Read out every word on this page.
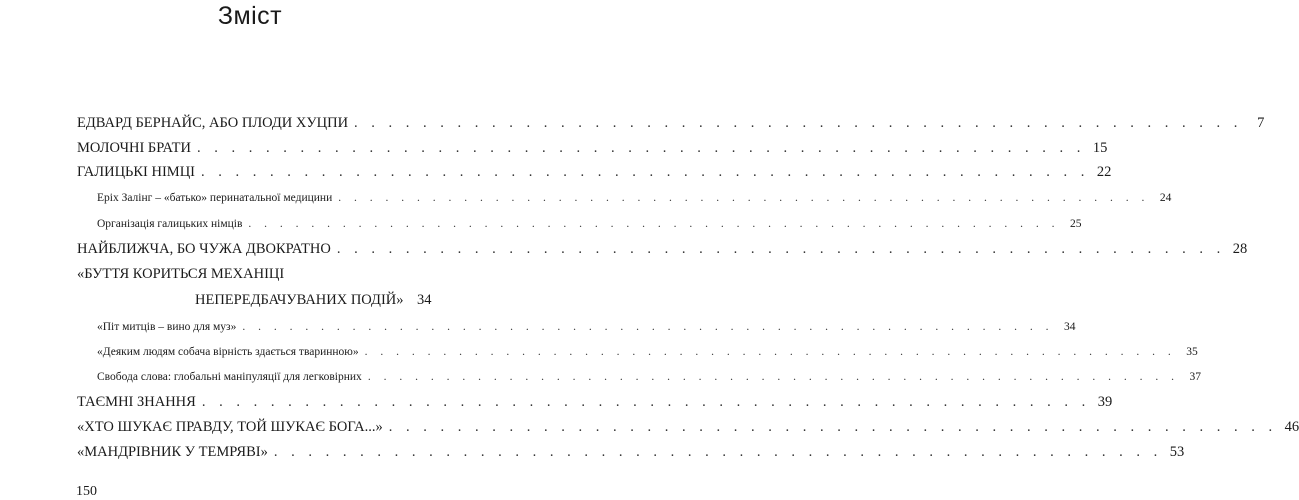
Зміст
ЕДВАРД БЕРНАЙС, АБО ПЛОДИ ХУЦПИ . . .	7
МОЛОЧНІ БРАТИ . . .	15
ГАЛИЦЬКІ НІМЦІ . . .	22
Еріх Залінг – «батько» перинатальної медицини . . .	24
Організація галицьких німців . . .	25
НАЙБЛИЖЧА, БО ЧУЖА ДВОКРАТНО . . .	28
«БУТТЯ КОРИТЬСЯ МЕХАНІЦІ
НЕПЕРЕДБАЧУВАНИХ ПОДІЙ» 34
«Піт митців – вино для муз» . . .	34
«Деяким людям собача вірність здається тваринною» . . .	35
Свобода слова: глобальні маніпуляції для легковірних . . .	37
ТАЄМНІ ЗНАННЯ . . .	39
«ХТО ШУКАЄ ПРАВДУ, ТОЙ ШУКАЄ БОГА...» . . .	46
«МАНДРІВНИК У ТЕМРЯВІ» . . .	53
150
